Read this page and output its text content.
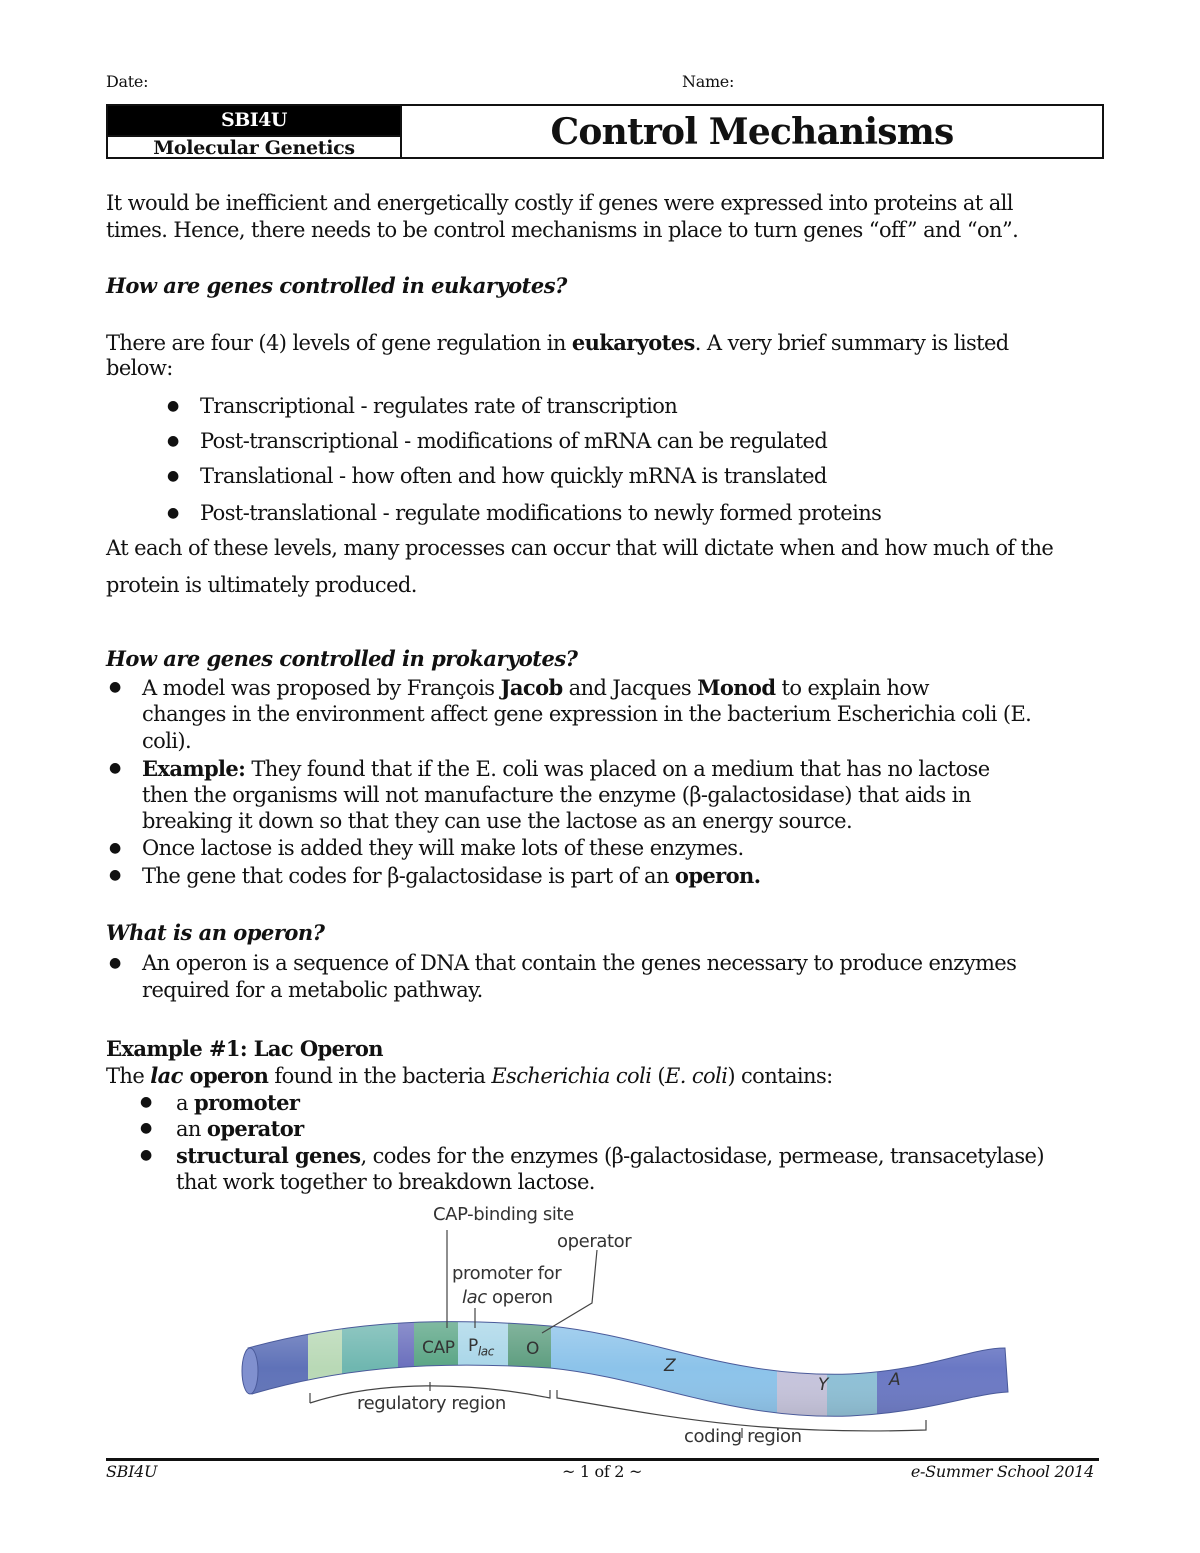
Date:	Name:
SBI4U
Molecular Genetics	Control Mechanisms
It would be inefficient and energetically costly if genes were expressed into proteins at all
times. Hence, there needs to be control mechanisms in place to turn genes “off” and “on”.
How are genes controlled in eukaryotes?
There are four (4) levels of gene regulation in eukaryotes. A very brief summary is listed
below:
● Transcriptional - regulates rate of transcription
● Post-transcriptional - modifications of mRNA can be regulated
● Translational - how often and how quickly mRNA is translated
● Post-translational - regulate modifications to newly formed proteins
At each of these levels, many processes can occur that will dictate when and how much of the
protein is ultimately produced.
How are genes controlled in prokaryotes?
● A model was proposed by François Jacob and Jacques Monod to explain how
changes in the environment affect gene expression in the bacterium Escherichia coli (E.
coli).
● Example: They found that if the E. coli was placed on a medium that has no lactose
then the organisms will not manufacture the enzyme (β-galactosidase) that aids in
breaking it down so that they can use the lactose as an energy source.
● Once lactose is added they will make lots of these enzymes.
● The gene that codes for β-galactosidase is part of an operon.
What is an operon?
● An operon is a sequence of DNA that contain the genes necessary to produce enzymes
required for a metabolic pathway.
Example #1: Lac Operon
The lac operon found in the bacteria Escherichia coli (E. coli) contains:
● a promoter
● an operator
● structural genes, codes for the enzymes (β-galactosidase, permease, transacetylase)
that work together to breakdown lactose.
CAP-binding site
operator
promoter for
lac operon
CAP $P_{lac}$ O
Z
Y	A
regulatory region
coding region
SBI4U	~ 1 of 2 ~	e-Summer School 2014
